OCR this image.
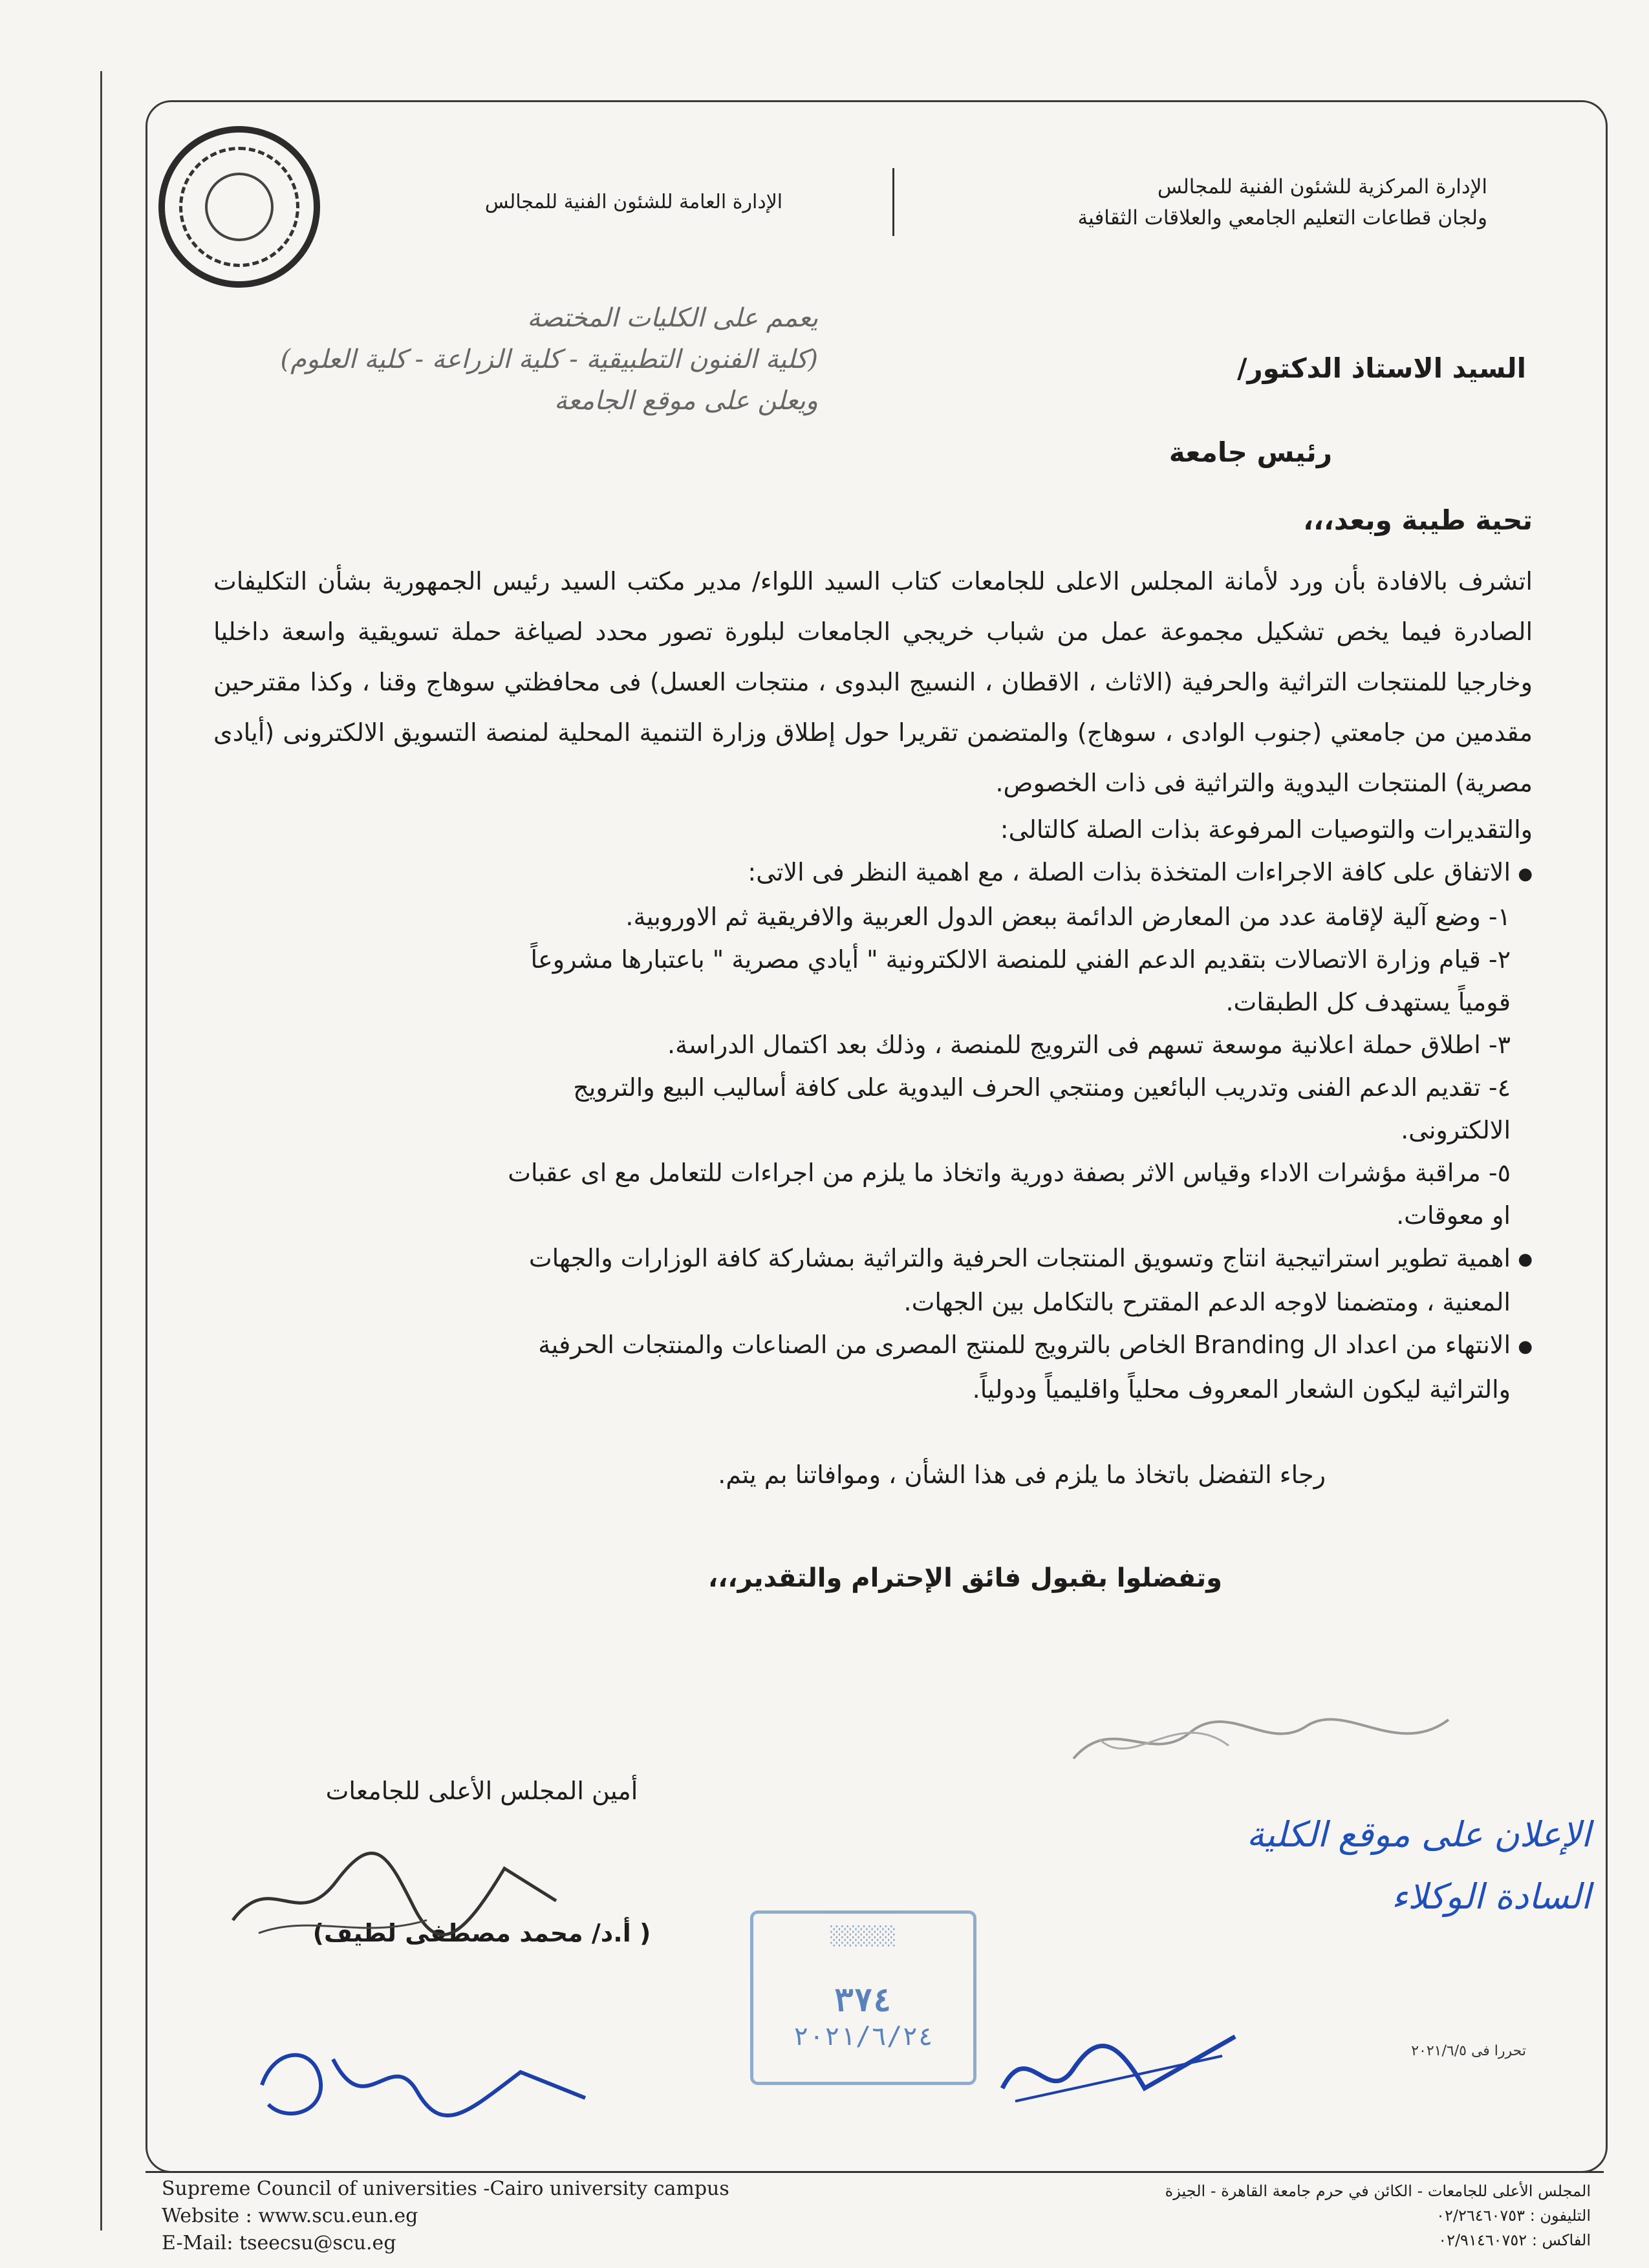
الإدارة العامة للشئون الفنية للمجالس
الإدارة المركزية للشئون الفنية للمجالس
ولجان قطاعات التعليم الجامعي والعلاقات الثقافية
يعمم على الكليات المختصة
(كلية الفنون التطبيقية - كلية الزراعة - كلية العلوم)
ويعلن على موقع الجامعة
السيد الاستاذ الدكتور/
رئيس جامعة
تحية طيبة وبعد،،،
اتشرف بالافادة بأن ورد لأمانة المجلس الاعلى للجامعات كتاب السيد اللواء/ مدير مكتب السيد رئيس الجمهورية بشأن التكليفات الصادرة فيما يخص تشكيل مجموعة عمل من شباب خريجي الجامعات لبلورة تصور محدد لصياغة حملة تسويقية واسعة داخليا وخارجيا للمنتجات التراثية والحرفية (الاثاث ، الاقطان ، النسيج البدوى ، منتجات العسل) فى محافظتي سوهاج وقنا ، وكذا مقترحين مقدمين من جامعتي (جنوب الوادى ، سوهاج) والمتضمن تقريرا حول إطلاق وزارة التنمية المحلية لمنصة التسويق الالكترونى (أيادى مصرية) المنتجات اليدوية والتراثية فى ذات الخصوص.
والتقديرات والتوصيات المرفوعة بذات الصلة كالتالى:
● الاتفاق على كافة الاجراءات المتخذة بذات الصلة ، مع اهمية النظر فى الاتى:
١- وضع آلية لإقامة عدد من المعارض الدائمة ببعض الدول العربية والافريقية ثم الاوروبية.
٢- قيام وزارة الاتصالات بتقديم الدعم الفني للمنصة الالكترونية " أيادي مصرية " باعتبارها مشروعاً
قومياً يستهدف كل الطبقات.
٣- اطلاق حملة اعلانية موسعة تسهم فى الترويج للمنصة ، وذلك بعد اكتمال الدراسة.
٤- تقديم الدعم الفنى وتدريب البائعين ومنتجي الحرف اليدوية على كافة أساليب البيع والترويج
الالكترونى.
٥- مراقبة مؤشرات الاداء وقياس الاثر بصفة دورية واتخاذ ما يلزم من اجراءات للتعامل مع اى عقبات
او معوقات.
● اهمية تطوير استراتيجية انتاج وتسويق المنتجات الحرفية والتراثية بمشاركة كافة الوزارات والجهات
المعنية ، ومتضمنا لاوجه الدعم المقترح بالتكامل بين الجهات.
● الانتهاء من اعداد ال Branding الخاص بالترويج للمنتج المصرى من الصناعات والمنتجات الحرفية
والتراثية ليكون الشعار المعروف محلياً واقليمياً ودولياً.
رجاء التفضل باتخاذ ما يلزم فى هذا الشأن ، وموافاتنا بم يتم.
وتفضلوا بقبول فائق الإحترام والتقدير،،،
أمين المجلس الأعلى للجامعات
( أ.د/ محمد مصطفى لطيف)	░░░░░░
٣٧٤
٢٠٢١/٦/٢٤
الإعلان على موقع الكلية
السادة الوكلاء
تحررا فى ٢٠٢١/٦/٥
Supreme Council of universities -Cairo university campus
Website : www.scu.eun.eg
E-Mail: tseecsu@scu.eg
المجلس الأعلى للجامعات - الكائن في حرم جامعة القاهرة - الجيزة
التليفون : ٠٢/٢٦٤٦٠٧٥٣
الفاكس : ٠٢/٩١٤٦٠٧٥٢
